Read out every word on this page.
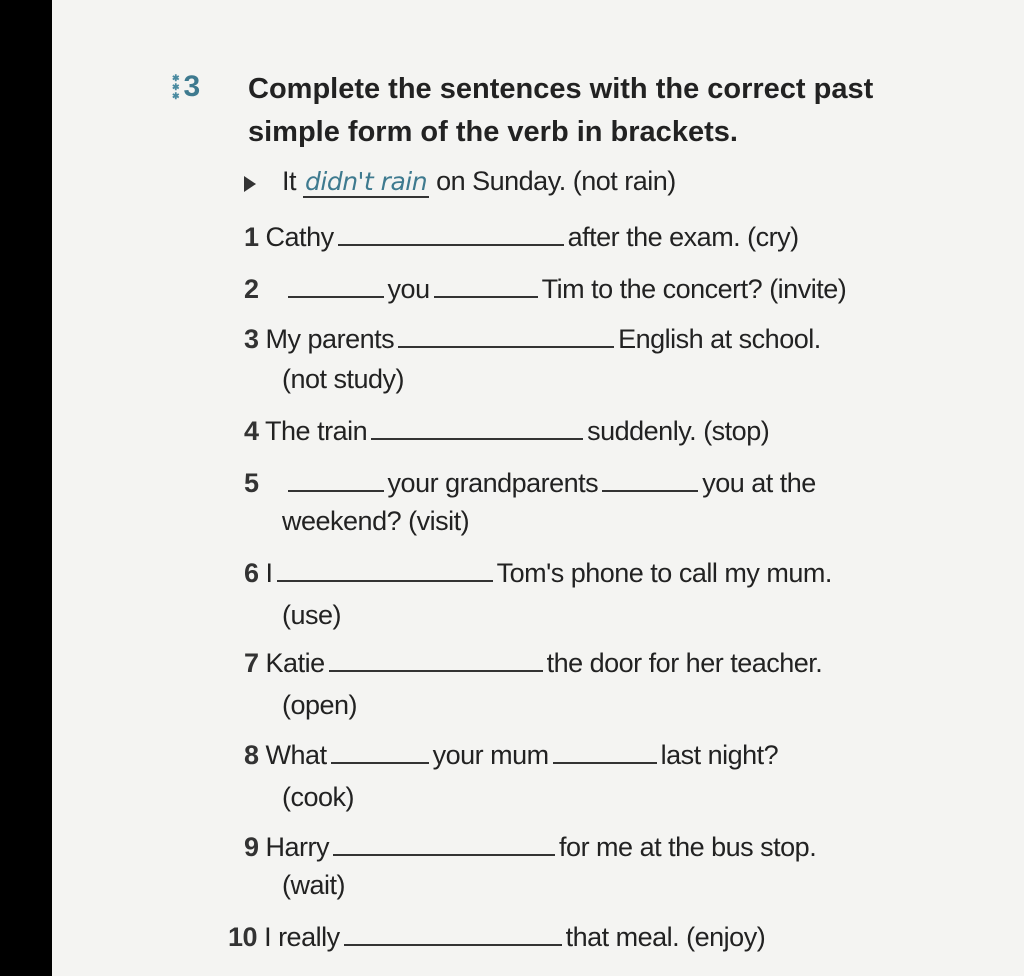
✱
✱
✱ 3 Complete the sentences with the correct past simple form of the verb in brackets.
It didn't rain on Sunday. (not rain)
1 Cathy	after the exam. (cry)
2	you	Tim to the concert? (invite)
3 My parents	English at school.
(not study)
4 The train	suddenly. (stop)
5	your grandparents	you at the
weekend? (visit)
6 I	Tom's phone to call my mum.
(use)
7 Katie	the door for her teacher.
(open)
8 What	your mum	last night?
(cook)
9 Harry	for me at the bus stop.
(wait)
10 I really	that meal. (enjoy)
